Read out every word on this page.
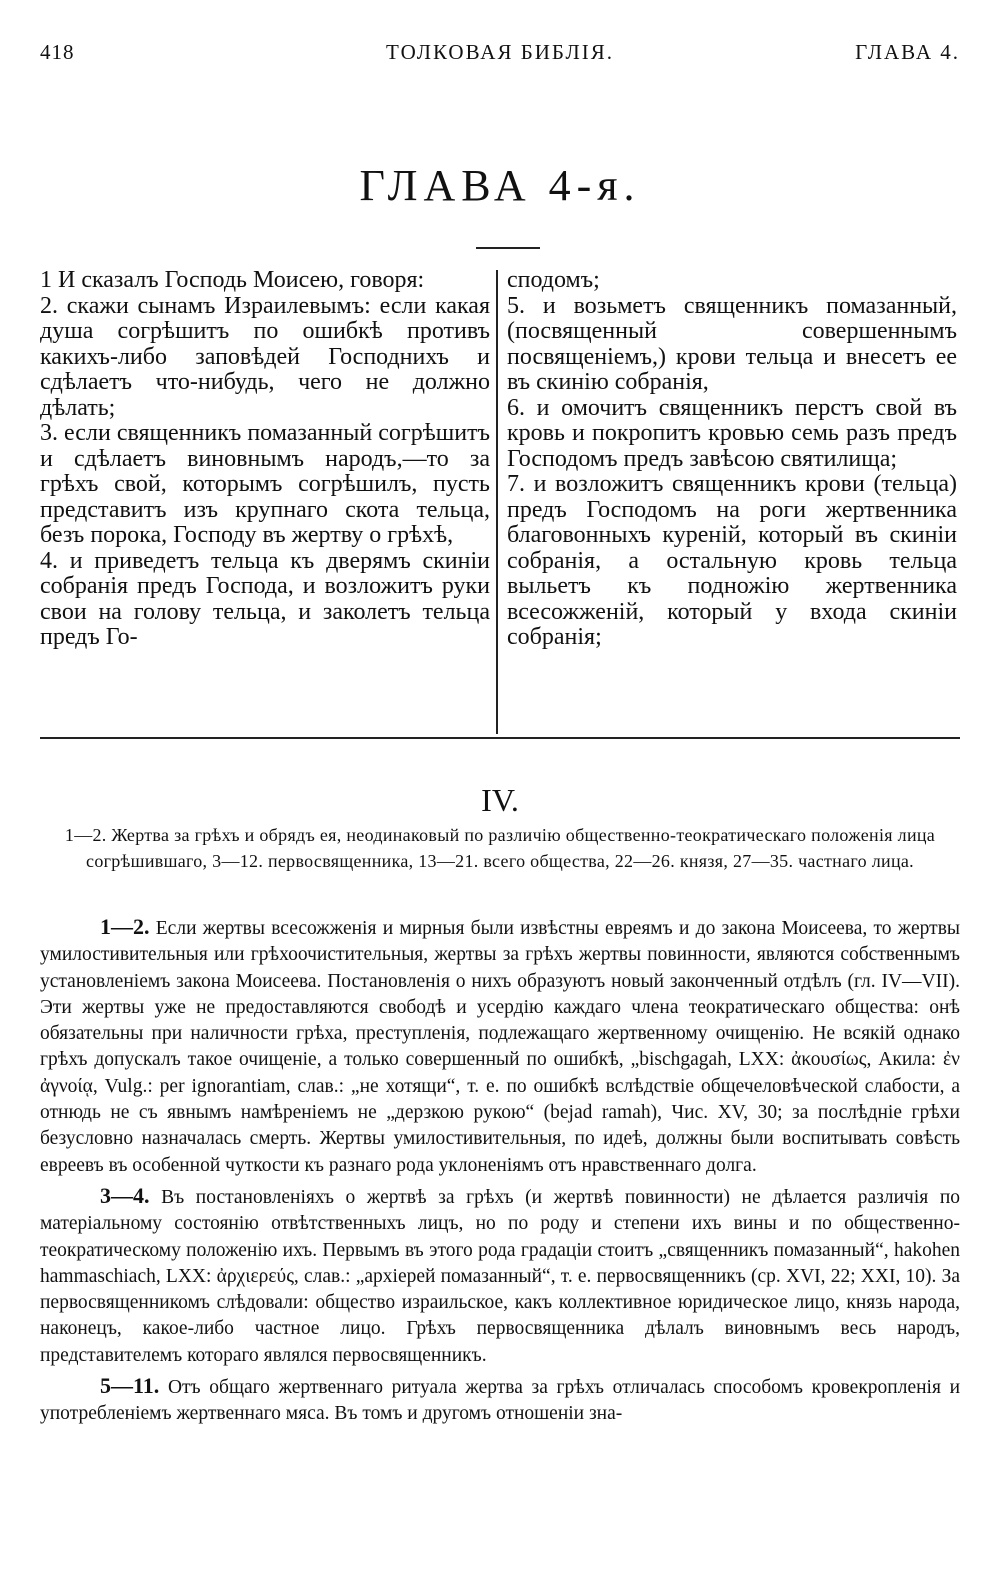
418	ТОЛКОВАЯ БИБЛІЯ.	ГЛАВА 4.
ГЛАВА 4-я.

1 И сказалъ Господь Моисею, говоря:

2. скажи сынамъ Израилевымъ: если какая душа согрѣшитъ по ошибкѣ противъ какихъ-либо заповѣдей Господнихъ и сдѣлаетъ что-нибудь, чего не должно дѣлать;

3. если священникъ помазанный согрѣшитъ и сдѣлаетъ виновнымъ народъ,—то за грѣхъ свой, которымъ согрѣшилъ, пусть представитъ изъ крупнаго скота тельца, безъ порока, Господу въ жертву о грѣхѣ,

4. и приведетъ тельца къ дверямъ скиніи собранія предъ Господа, и возложитъ руки свои на голову тельца, и заколетъ тельца предъ Го-

сподомъ;

5. и возьметъ священникъ помазанный, (посвященный совершеннымъ посвященіемъ,) крови тельца и внесетъ ее въ скинію собранія,

6. и омочитъ священникъ перстъ свой въ кровь и покропитъ кровью семь разъ предъ Господомъ предъ завѣсою святилища;

7. и возложитъ священникъ крови (тельца) предъ Господомъ на роги жертвенника благовонныхъ куреній, который въ скиніи собранія, а остальную кровь тельца выльетъ къ подножію жертвенника всесожженій, который у входа скиніи собранія;

IV.
1—2. Жертва за грѣхъ и обрядъ ея, неодинаковый по различію общественно-теократическаго положенія лица согрѣшившаго, 3—12. первосвященника, 13—21. всего общества, 22—26. князя, 27—35. частнаго лица.

1—2. Если жертвы всесожженія и мирныя были извѣстны евреямъ и до закона Моисеева, то жертвы умилостивительныя или грѣхоочистительныя, жертвы за грѣхъ жертвы повинности, являются собственнымъ установленіемъ закона Моисеева. Постановленія о нихъ образуютъ новый законченный отдѣлъ (гл. IV—VII). Эти жертвы уже не предоставляются свободѣ и усердію каждаго члена теократическаго общества: онѣ обязательны при наличности грѣха, преступленія, подлежащаго жертвенному очищенію. Не всякій однако грѣхъ допускалъ такое очищеніе, а только совершенный по ошибкѣ, „bischgagah, LXX: ἀκουσίως, Акила: ἐν ἀγνοίᾳ, Vulg.: per ignorantiam, слав.: „не хотящи“, т. е. по ошибкѣ вслѣдствіе общечеловѣческой слабости, а отнюдь не съ явнымъ намѣреніемъ не „дерзкою рукою“ (bejad ramah), Чис. XV, 30; за послѣдніе грѣхи безусловно назначалась смерть. Жертвы умилостивительныя, по идеѣ, должны были воспитывать совѣсть евреевъ въ особенной чуткости къ разнаго рода уклоненіямъ отъ нравственнаго долга.

3—4. Въ постановленіяхъ о жертвѣ за грѣхъ (и жертвѣ повинности) не дѣлается различія по матеріальному состоянію отвѣтственныхъ лицъ, но по роду и степени ихъ вины и по общественно-теократическому положенію ихъ. Первымъ въ этого рода градаціи стоитъ „священникъ помазанный“, hakohen hammaschiach, LXX: ἀρχιερεύς, слав.: „архіерей помазанный“, т. е. первосвященникъ (ср. XVI, 22; XXI, 10). За первосвященникомъ слѣдовали: общество израильское, какъ коллективное юридическое лицо, князь народа, наконецъ, какое-либо частное лицо. Грѣхъ первосвященника дѣлалъ виновнымъ весь народъ, представителемъ котораго являлся первосвященникъ.

5—11. Отъ общаго жертвеннаго ритуала жертва за грѣхъ отличалась способомъ кровекропленія и употребленіемъ жертвеннаго мяса. Въ томъ и другомъ отношеніи зна-
